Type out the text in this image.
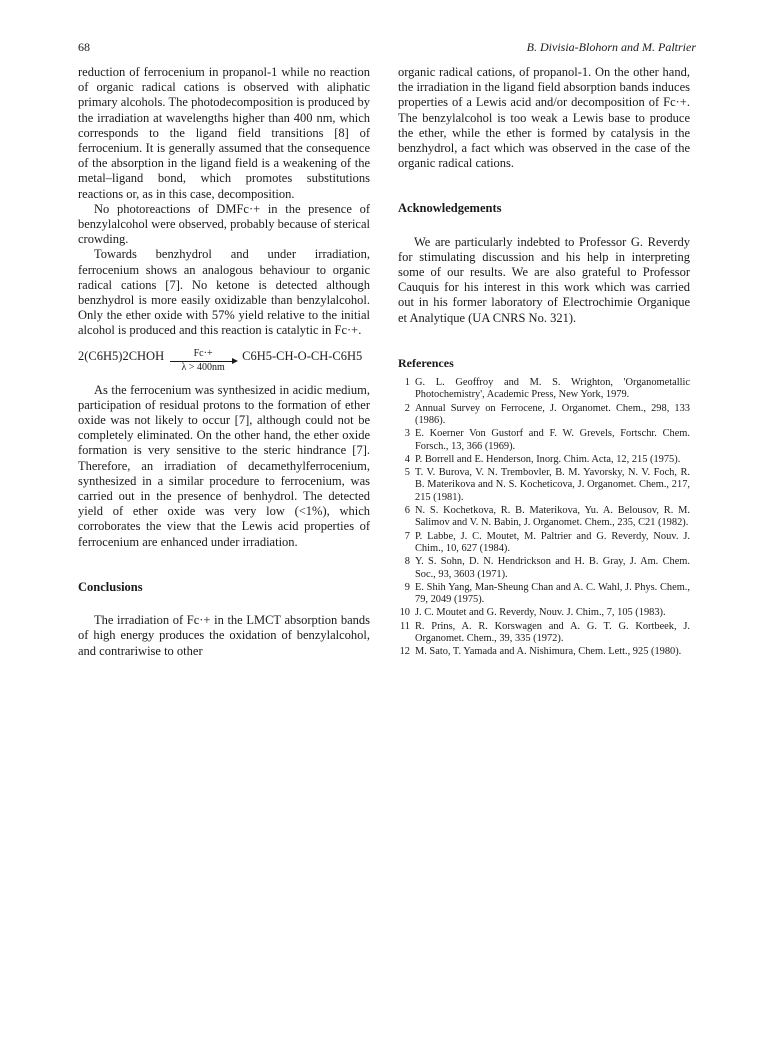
68	B. Divisia-Blohorn and M. Paltrier

reduction of ferrocenium in propanol-1 while no reaction of organic radical cations is observed with aliphatic primary alcohols. The photodecomposition is produced by the irradiation at wavelengths higher than 400 nm, which corresponds to the ligand field transitions [8] of ferrocenium. It is generally assumed that the consequence of the absorption in the ligand field is a weakening of the metal–ligand bond, which promotes substitutions reactions or, as in this case, decomposition.

No photoreactions of DMFc·+ in the presence of benzylalcohol were observed, probably because of sterical crowding.

Towards benzhydrol and under irradiation, ferrocenium shows an analogous behaviour to organic radical cations [7]. No ketone is detected although benzhydrol is more easily oxidizable than benzylalcohol. Only the ether oxide with 57% yield relative to the initial alcohol is produced and this reaction is catalytic in Fc·+.

2(C6H5)2CHOH	Fc·+
λ > 400nm
C6H5-CH-O-CH-C6H5

As the ferrocenium was synthesized in acidic medium, participation of residual protons to the formation of ether oxide was not likely to occur [7], although could not be completely eliminated. On the other hand, the ether oxide formation is very sensitive to the steric hindrance [7]. Therefore, an irradiation of decamethylferrocenium, synthesized in a similar procedure to ferrocenium, was carried out in the presence of benhydrol. The detected yield of ether oxide was very low (<1%), which corroborates the view that the Lewis acid properties of ferrocenium are enhanced under irradiation.

Conclusions

The irradiation of Fc·+ in the LMCT absorption bands of high energy produces the oxidation of benzylalcohol, and contrariwise to other

organic radical cations, of propanol-1. On the other hand, the irradiation in the ligand field absorption bands induces properties of a Lewis acid and/or decomposition of Fc·+. The benzylalcohol is too weak a Lewis base to produce the ether, while the ether is formed by catalysis in the benzhydrol, a fact which was observed in the case of the organic radical cations.

Acknowledgements

We are particularly indebted to Professor G. Reverdy for stimulating discussion and his help in interpreting some of our results. We are also grateful to Professor Cauquis for his interest in this work which was carried out in his former laboratory of Electrochimie Organique et Analytique (UA CNRS No. 321).

References
1 G. L. Geoffroy and M. S. Wrighton, 'Organometallic Photochemistry', Academic Press, New York, 1979.
2 Annual Survey on Ferrocene, J. Organomet. Chem., 298, 133 (1986).
3 E. Koerner Von Gustorf and F. W. Grevels, Fortschr. Chem. Forsch., 13, 366 (1969).
4 P. Borrell and E. Henderson, Inorg. Chim. Acta, 12, 215 (1975).
5 T. V. Burova, V. N. Trembovler, B. M. Yavorsky, N. V. Foch, R. B. Materikova and N. S. Kocheticova, J. Organomet. Chem., 217, 215 (1981).
6 N. S. Kochetkova, R. B. Materikova, Yu. A. Belousov, R. M. Salimov and V. N. Babin, J. Organomet. Chem., 235, C21 (1982).
7 P. Labbe, J. C. Moutet, M. Paltrier and G. Reverdy, Nouv. J. Chim., 10, 627 (1984).
8 Y. S. Sohn, D. N. Hendrickson and H. B. Gray, J. Am. Chem. Soc., 93, 3603 (1971).
9 E. Shih Yang, Man-Sheung Chan and A. C. Wahl, J. Phys. Chem., 79, 2049 (1975).
10 J. C. Moutet and G. Reverdy, Nouv. J. Chim., 7, 105 (1983).
11 R. Prins, A. R. Korswagen and A. G. T. G. Kortbeek, J. Organomet. Chem., 39, 335 (1972).
12 M. Sato, T. Yamada and A. Nishimura, Chem. Lett., 925 (1980).
